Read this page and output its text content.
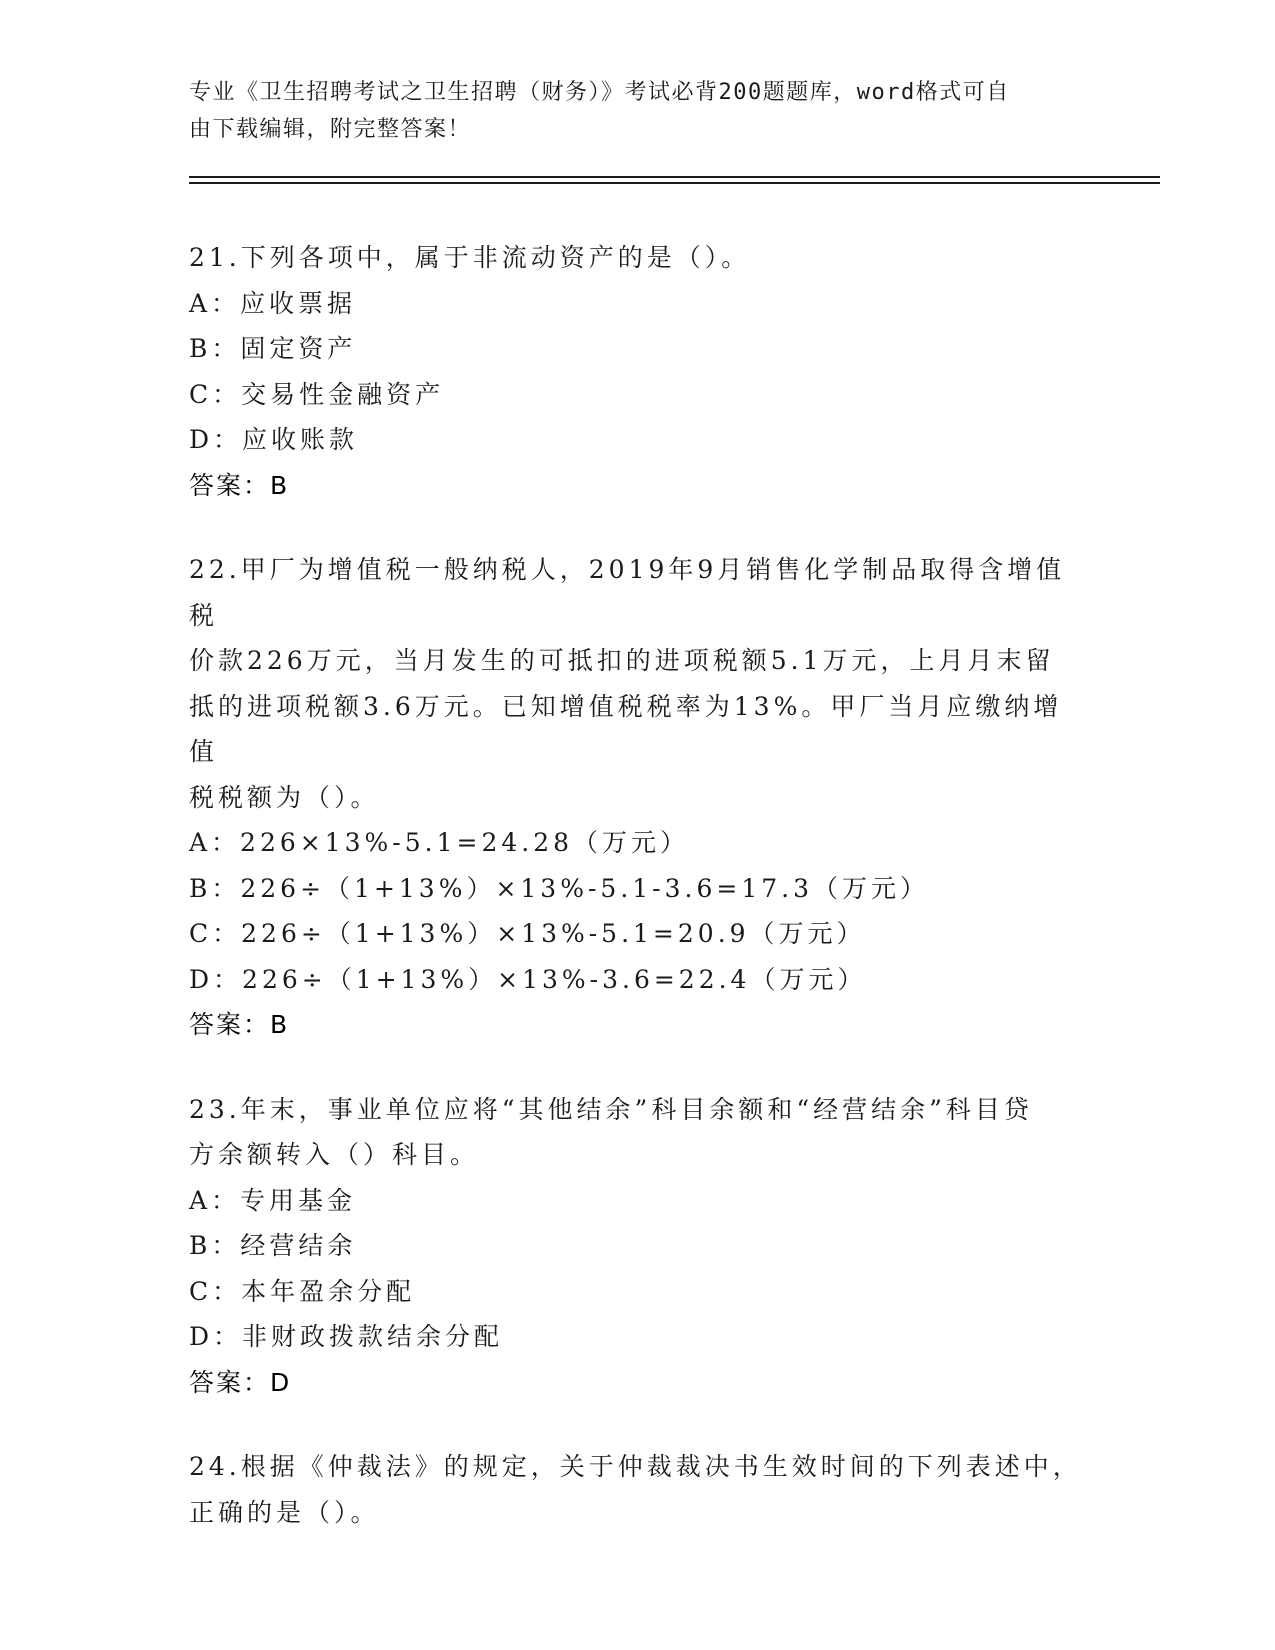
专业《卫生招聘考试之卫生招聘（财务）》考试必背200题题库，word格式可自
由下载编辑，附完整答案！
21.下列各项中，属于非流动资产的是（）。
A：应收票据
B：固定资产
C：交易性金融资产
D：应收账款
答案：B
22.甲厂为增值税一般纳税人，2019年9月销售化学制品取得含增值税
价款226万元，当月发生的可抵扣的进项税额5.1万元，上月月末留
抵的进项税额3.6万元。已知增值税税率为13%。甲厂当月应缴纳增值
税税额为（）。
A：226×13%-5.1=24.28（万元）
B：226÷（1+13%）×13%-5.1-3.6=17.3（万元）
C：226÷（1+13%）×13%-5.1=20.9（万元）
D：226÷（1+13%）×13%-3.6=22.4（万元）
答案：B
23.年末，事业单位应将“其他结余”科目余额和“经营结余”科目贷
方余额转入（）科目。
A：专用基金
B：经营结余
C：本年盈余分配
D：非财政拨款结余分配
答案：D
24.根据《仲裁法》的规定，关于仲裁裁决书生效时间的下列表述中，
正确的是（）。
